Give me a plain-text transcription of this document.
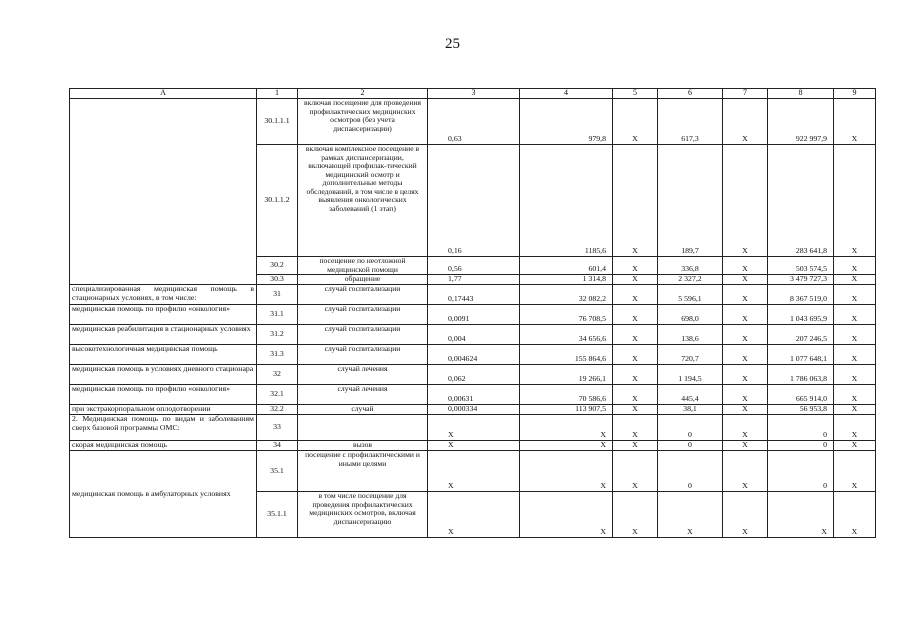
25
А	1	2	3	4	5	6	7	8	9
	30.1.1.1	включая посещение для проведения профилактических медицинских осмотров (без учета диспансеризации)	0,63	979,8	X	617,3	X	922 997,9	X
	30.1.1.2	включая комплексное посещение в рамках диспансеризации, включающей профилак-тический медицинский осмотр и дополнительные методы обследований, в том числе в целях выявления онкологических заболеваний (1 этап)	0,16	1185,6	X	189,7	X	283 641,8	X
	30.2	посещение по неотложной медицинской помощи	0,56	601,4	X	336,8	X	503 574,5	X
	30.3	обращение	1,77	1 314,8	X	2 327,2	X	3 479 727,3	X
специализированная медицинская помощь в стационарных условиях, в том числе:	31	случай госпитализации	0,17443	32 082,2	X	5 596,1	X	8 367 519,0	X
медицинская помощь по профилю «онкология»	31.1	случай госпитализации	0,0091	76 708,5	X	698,0	X	1 043 695,9	X
медицинская реабилитация в стационарных условиях	31.2	случай госпитализации	0,004	34 656,6	X	138,6	X	207 246,5	X
высокотехнологичная медицинская помощь	31.3	случай госпитализации	0,004624	155 864,6	X	720,7	X	1 077 648,1	X
медицинская помощь в условиях дневного стационара	32	случай лечения	0,062	19 266,1	X	1 194,5	X	1 786 063,8	X
медицинская помощь по профилю «онкология»	32.1	случай лечения	0,00631	70 586,6	X	445,4	X	665 914,0	X
при экстракорпоральном оплодотворении	32.2	случай	0,000334	113 907,5	X	38,1	X	56 953,8	X
2. Медицинская помощь по видам и заболеваниям сверх базовой программы ОМС:	33		X	X	X	0	X	0	X
скорая медицинская помощь	34	вызов	X	X	X	0	X	0	X
медицинская помощь в амбулаторных условиях	35.1	посещение с профилактическими и иными целями	X	X	X	0	X	0	X
	35.1.1	в том числе посещение для проведения профилактических медицинских осмотров, включая диспансеризацию	X	X	X	X	X	X	X
